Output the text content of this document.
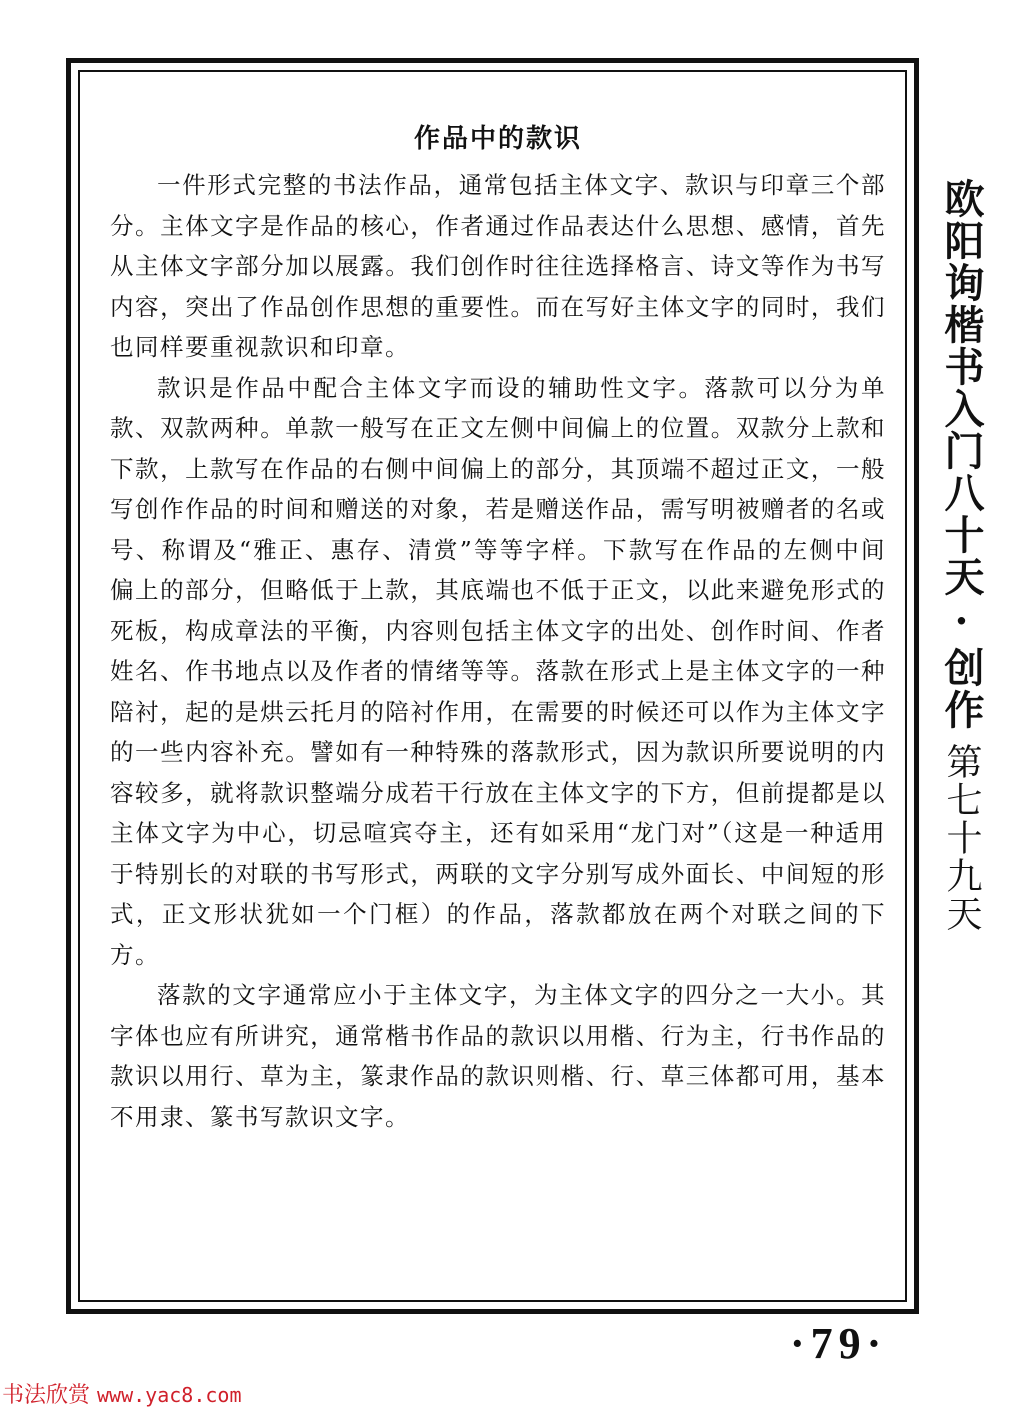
作品中的款识

一件形式完整的书法作品，通常包括主体文字、款识与印章三个部分。主体文字是作品的核心，作者通过作品表达什么思想、感情，首先从主体文字部分加以展露。我们创作时往往选择格言、诗文等作为书写内容，突出了作品创作思想的重要性。而在写好主体文字的同时，我们也同样要重视款识和印章。

款识是作品中配合主体文字而设的辅助性文字。落款可以分为单款、双款两种。单款一般写在正文左侧中间偏上的位置。双款分上款和下款，上款写在作品的右侧中间偏上的部分，其顶端不超过正文，一般写创作作品的时间和赠送的对象，若是赠送作品，需写明被赠者的名或号、称谓及“雅正、惠存、清赏”等等字样。下款写在作品的左侧中间偏上的部分，但略低于上款，其底端也不低于正文，以此来避免形式的死板，构成章法的平衡，内容则包括主体文字的出处、创作时间、作者姓名、作书地点以及作者的情绪等等。落款在形式上是主体文字的一种陪衬，起的是烘云托月的陪衬作用，在需要的时候还可以作为主体文字的一些内容补充。譬如有一种特殊的落款形式，因为款识所要说明的内容较多，就将款识整端分成若干行放在主体文字的下方，但前提都是以主体文字为中心，切忌喧宾夺主，还有如采用“龙门对”（这是一种适用于特别长的对联的书写形式，两联的文字分别写成外面长、中间短的形式，正文形状犹如一个门框）的作品，落款都放在两个对联之间的下方。

落款的文字通常应小于主体文字，为主体文字的四分之一大小。其字体也应有所讲究，通常楷书作品的款识以用楷、行为主，行书作品的款识以用行、草为主，篆隶作品的款识则楷、行、草三体都可用，基本不用隶、篆书写款识文字。

欧阳询楷书入门八十天·创作第七十九天
·79·
书法欣赏 www.yac8.com
